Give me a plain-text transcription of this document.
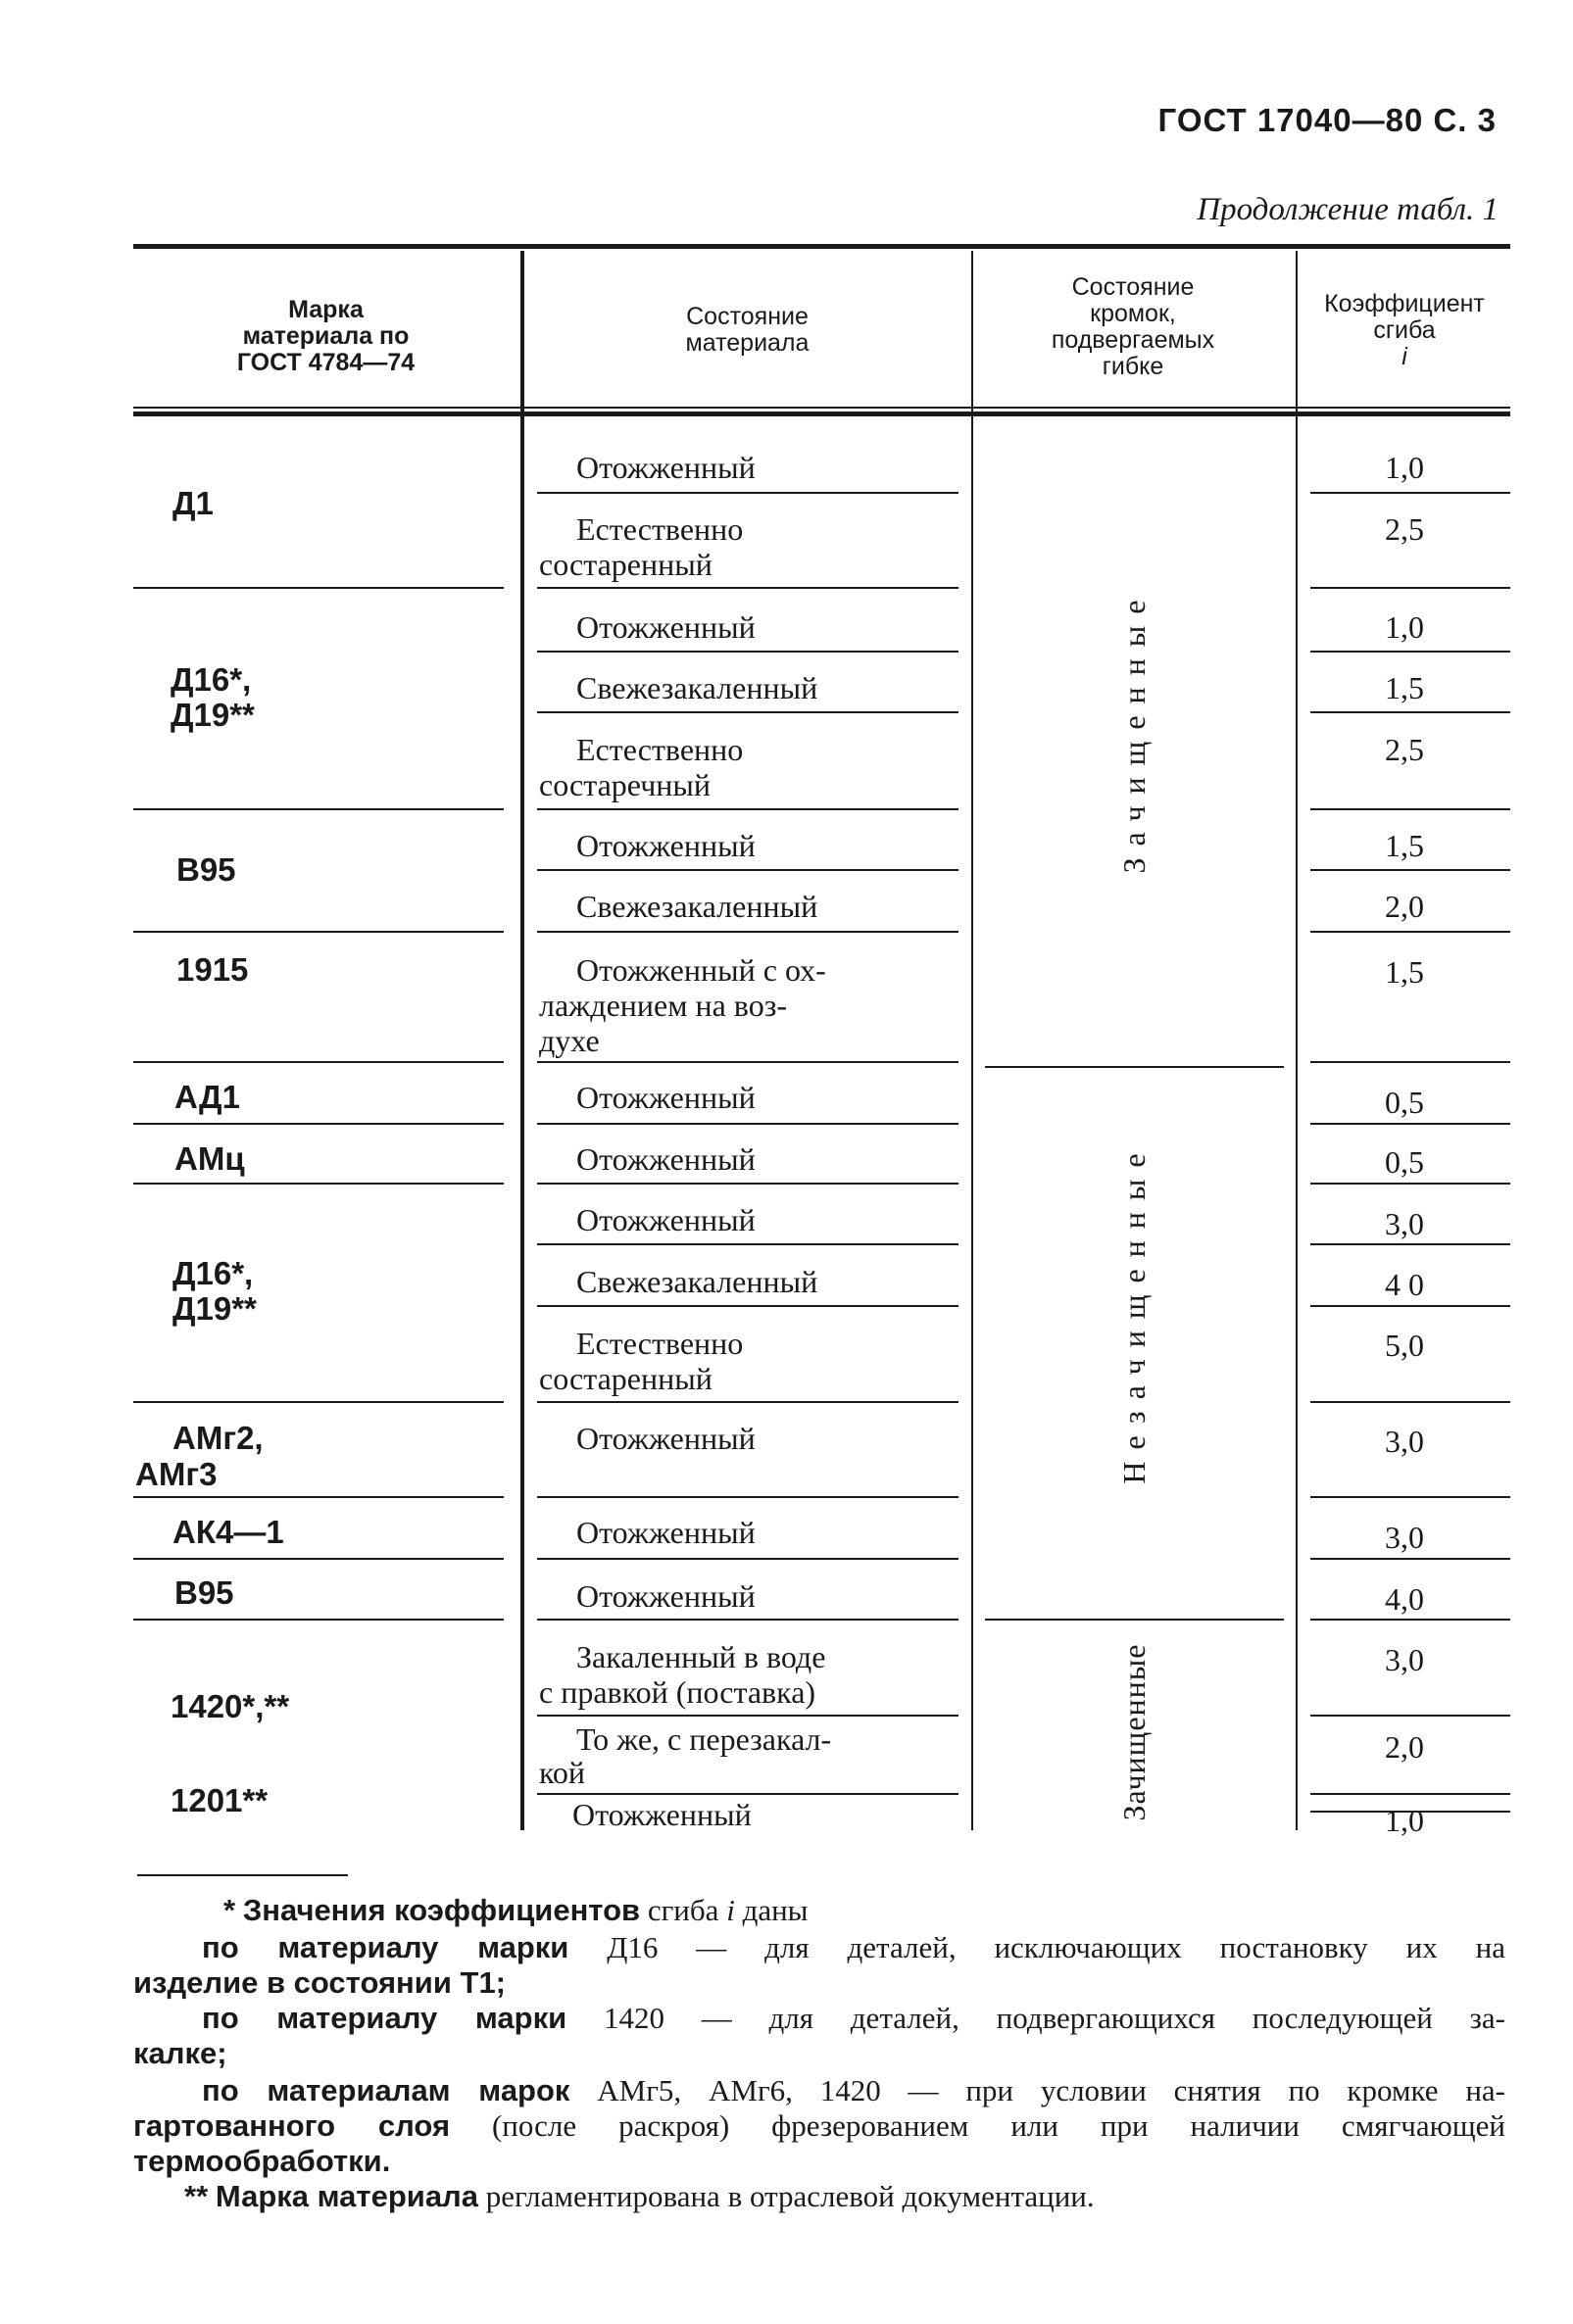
ГОСТ 17040—80 С. 3
Продолжение табл. 1
Марка
материала по
ГОСТ 4784—74
Состояние
материала
Состояние
кромок,
подвергаемых
гибке
Коэффициент
сгиба
i
Д1
Д16*,
Д19**
В95
1915
АД1
АМц
Д16*,
Д19**
АМг2,
АМг3
АК4—1
В95
1420*,**
1201**
Отожженный
Естественно
состаренный
Отожженный
Свежезакаленный
Естественно
состаречный
Отожженный
Свежезакаленный
Отожженный с ох-
лаждением на воз-
духе
Отожженный
Отожженный
Отожженный
Свежезакаленный
Естественно
состаренный
Отожженный
Отожженный
Отожженный
Закаленный в воде
с правкой (поставка)
То же, с перезакал-
кой
Отожженный
Зачищенные
Незачищенные
Зачищенные
1,0
2,5
1,0
1,5
2,5
1,5
2,0
1,5
0,5
0,5
3,0
4 0
5,0
3,0
3,0
4,0
3,0
2,0
1,0
* Значения коэффициентов сгиба i даны
по материалу марки Д16 — для деталей, исключающих постановку их на
изделие в состоянии Т1;
по материалу марки 1420 — для деталей, подвергающихся последующей за-
калке;
по материалам марок АМг5, АМг6, 1420 — при условии снятия по кромке на-
гартованного слоя (после раскроя) фрезерованием или при наличии смягчающей
термообработки.
** Марка материала регламентирована в отраслевой документации.
